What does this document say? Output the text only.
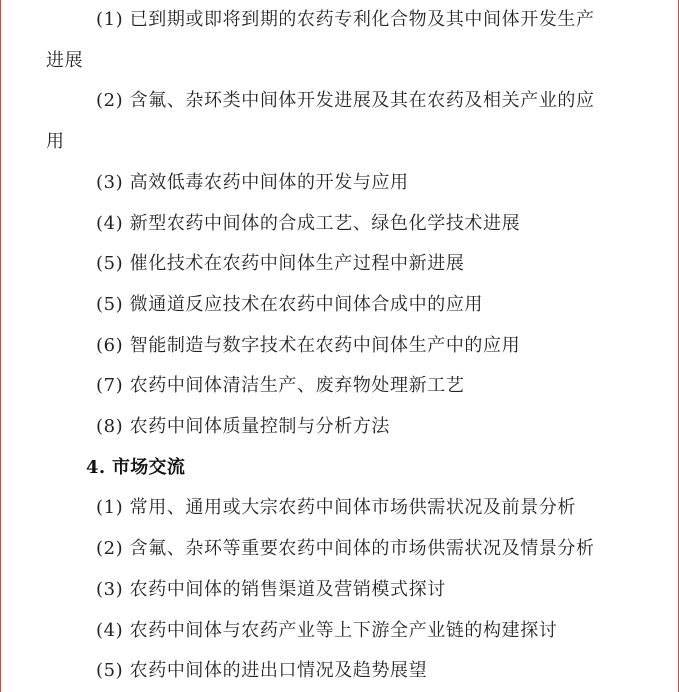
(1) 已到期或即将到期的农药专利化合物及其中间体开发生产
进展
(2) 含氟、杂环类中间体开发进展及其在农药及相关产业的应
用
(3) 高效低毒农药中间体的开发与应用
(4) 新型农药中间体的合成工艺、绿色化学技术进展
(5) 催化技术在农药中间体生产过程中新进展
(5) 微通道反应技术在农药中间体合成中的应用
(6) 智能制造与数字技术在农药中间体生产中的应用
(7) 农药中间体清洁生产、废弃物处理新工艺
(8) 农药中间体质量控制与分析方法
4. 市场交流
(1) 常用、通用或大宗农药中间体市场供需状况及前景分析
(2) 含氟、杂环等重要农药中间体的市场供需状况及情景分析
(3) 农药中间体的销售渠道及营销模式探讨
(4) 农药中间体与农药产业等上下游全产业链的构建探讨
(5) 农药中间体的进出口情况及趋势展望
